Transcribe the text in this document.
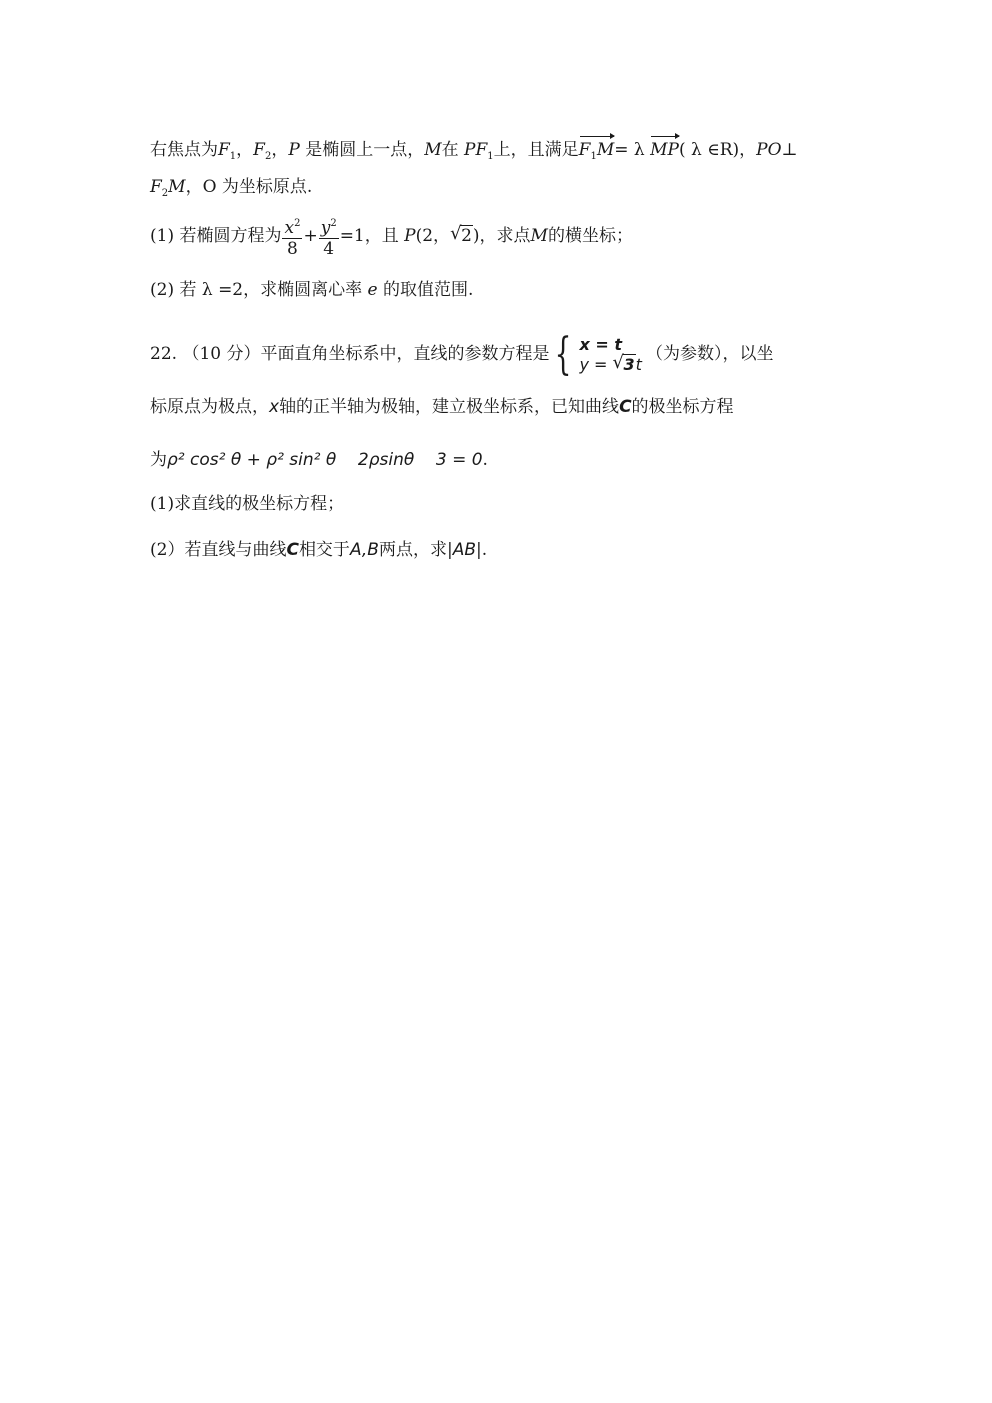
右焦点为$F_1$，$F_2$，P 是椭圆上一点，M在 $PF_1$上，且满足$F_1M= \lambda$ MP( λ ∈R)，PO⊥
$F_2M$，O 为坐标原点.
(1) 若椭圆方程为 $\frac{x^2}{8} + \frac{y^2}{4} =1$，且 P(2， √ 2)，求点M的横坐标；
(2) 若 λ =2，求椭圆离心率 e 的取值范围.
22. （10 分）平面直角坐标系中，直线的参数方程是 { x = t
y = √ 3t （为参数），以坐
标原点为极点，x轴的正半轴为极轴，建立极坐标系，已知曲线C的极坐标方程
为ρ² cos² θ + ρ² sin² θ    2ρsinθ    3 = 0.
(1)求直线的极坐标方程；
(2）若直线与曲线C相交于A,B两点，求|AB|.
